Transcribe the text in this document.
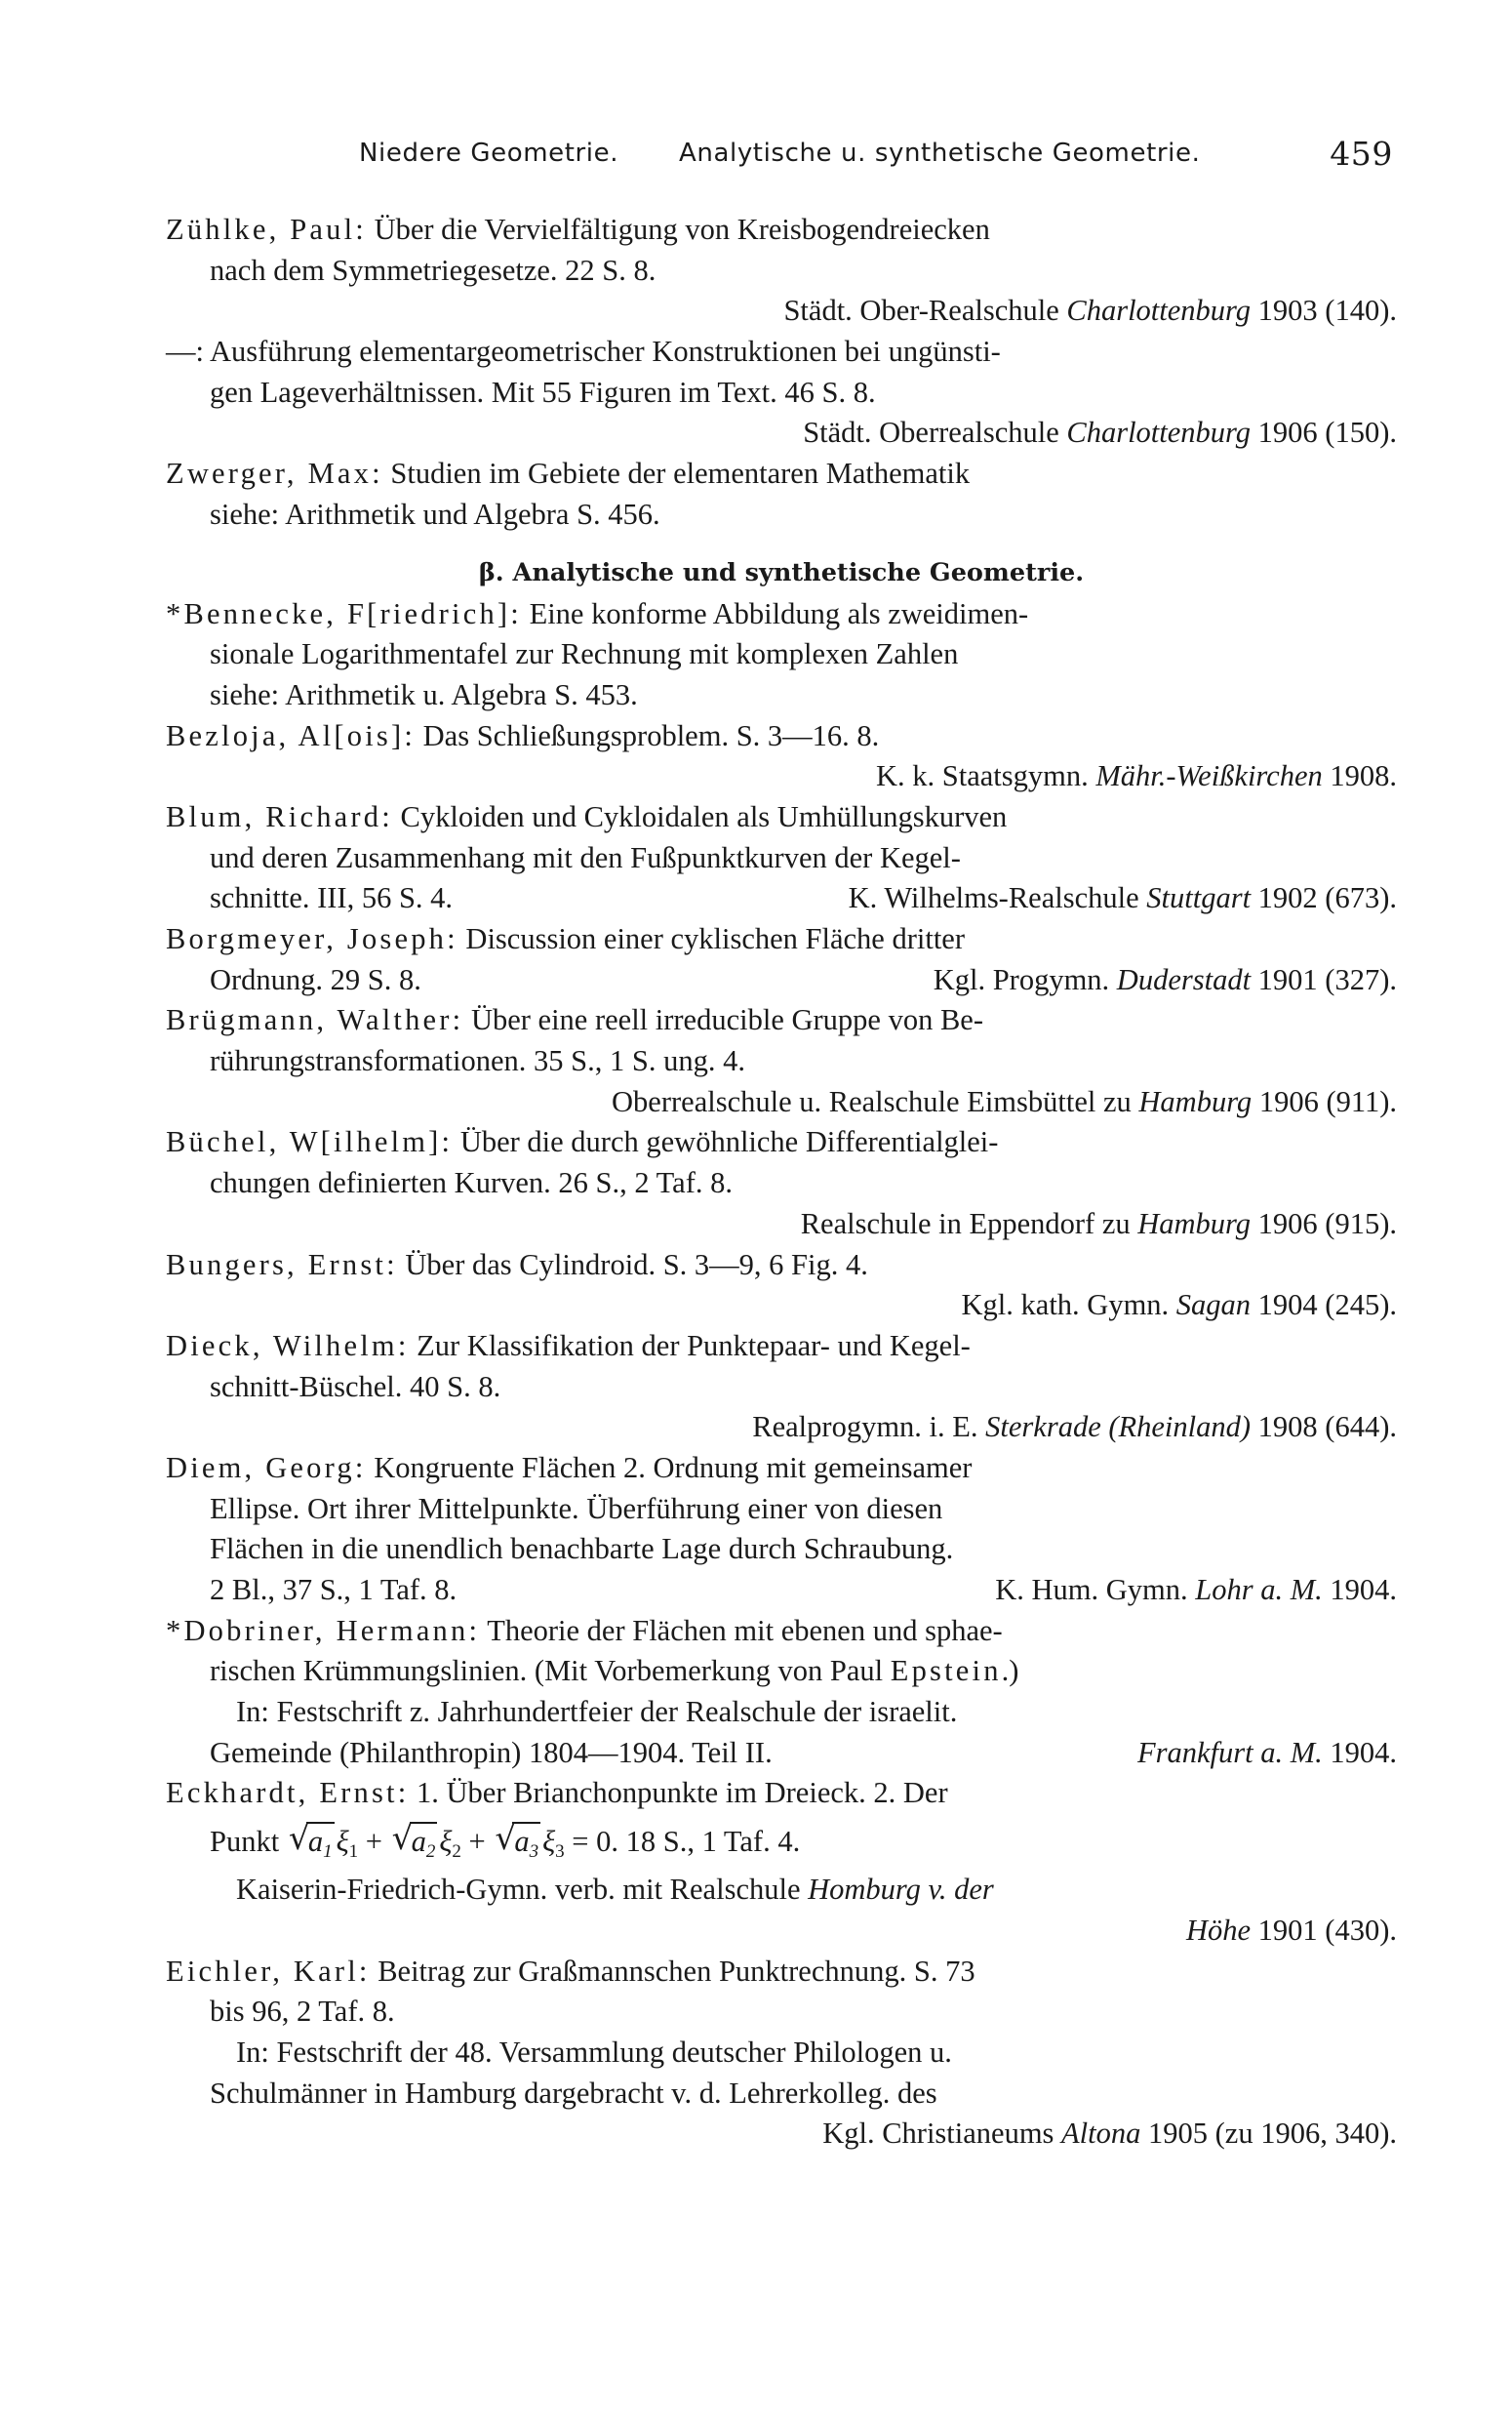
Niedere Geometrie. Analytische u. synthetische Geometrie.	459
Zühlke, Paul: Über die Vervielfältigung von Kreisbogendreiecken
nach dem Symmetriegesetze. 22 S. 8.
Städt. Ober-Realschule Charlottenburg 1903 (140).
—: Ausführung elementargeometrischer Konstruktionen bei ungünsti-
gen Lageverhältnissen. Mit 55 Figuren im Text. 46 S. 8.
Städt. Oberrealschule Charlottenburg 1906 (150).
Zwerger, Max: Studien im Gebiete der elementaren Mathematik
siehe: Arithmetik und Algebra S. 456.
β. Analytische und synthetische Geometrie.
*Bennecke, F[riedrich]: Eine konforme Abbildung als zweidimen-
sionale Logarithmentafel zur Rechnung mit komplexen Zahlen
siehe: Arithmetik u. Algebra S. 453.
Bezloja, Al[ois]: Das Schließungsproblem. S. 3—16. 8.
K. k. Staatsgymn. Mähr.-Weißkirchen 1908.
Blum, Richard: Cykloiden und Cykloidalen als Umhüllungskurven
und deren Zusammenhang mit den Fußpunktkurven der Kegel-
schnitte. III, 56 S. 4.	K. Wilhelms-Realschule Stuttgart 1902 (673).
Borgmeyer, Joseph: Discussion einer cyklischen Fläche dritter
Ordnung. 29 S. 8.	Kgl. Progymn. Duderstadt 1901 (327).
Brügmann, Walther: Über eine reell irreducible Gruppe von Be-
rührungstransformationen. 35 S., 1 S. ung. 4.
Oberrealschule u. Realschule Eimsbüttel zu Hamburg 1906 (911).
Büchel, W[ilhelm]: Über die durch gewöhnliche Differentialglei-
chungen definierten Kurven. 26 S., 2 Taf. 8.
Realschule in Eppendorf zu Hamburg 1906 (915).
Bungers, Ernst: Über das Cylindroid. S. 3—9, 6 Fig. 4.
Kgl. kath. Gymn. Sagan 1904 (245).
Dieck, Wilhelm: Zur Klassifikation der Punktepaar- und Kegel-
schnitt-Büschel. 40 S. 8.
Realprogymn. i. E. Sterkrade (Rheinland) 1908 (644).
Diem, Georg: Kongruente Flächen 2. Ordnung mit gemeinsamer
Ellipse. Ort ihrer Mittelpunkte. Überführung einer von diesen
Flächen in die unendlich benachbarte Lage durch Schraubung.
2 Bl., 37 S., 1 Taf. 8.	K. Hum. Gymn. Lohr a. M. 1904.
*Dobriner, Hermann: Theorie der Flächen mit ebenen und sphae-
rischen Krümmungslinien. (Mit Vorbemerkung von Paul Epstein.)
In: Festschrift z. Jahrhundertfeier der Realschule der israelit.
Gemeinde (Philanthropin) 1804—1904. Teil II.	Frankfurt a. M. 1904.
Eckhardt, Ernst: 1. Über Brianchonpunkte im Dreieck. 2. Der
Punkt √ $a_1$ $\xi_1$ + √ $a_2$ $\xi_2$ + √ $a_3$ $\xi_3 = 0$. 18 S., 1 Taf. 4.
Kaiserin-Friedrich-Gymn. verb. mit Realschule Homburg v. der
Höhe 1901 (430).
Eichler, Karl: Beitrag zur Graßmannschen Punktrechnung. S. 73
bis 96, 2 Taf. 8.
In: Festschrift der 48. Versammlung deutscher Philologen u.
Schulmänner in Hamburg dargebracht v. d. Lehrerkolleg. des
Kgl. Christianeums Altona 1905 (zu 1906, 340).
